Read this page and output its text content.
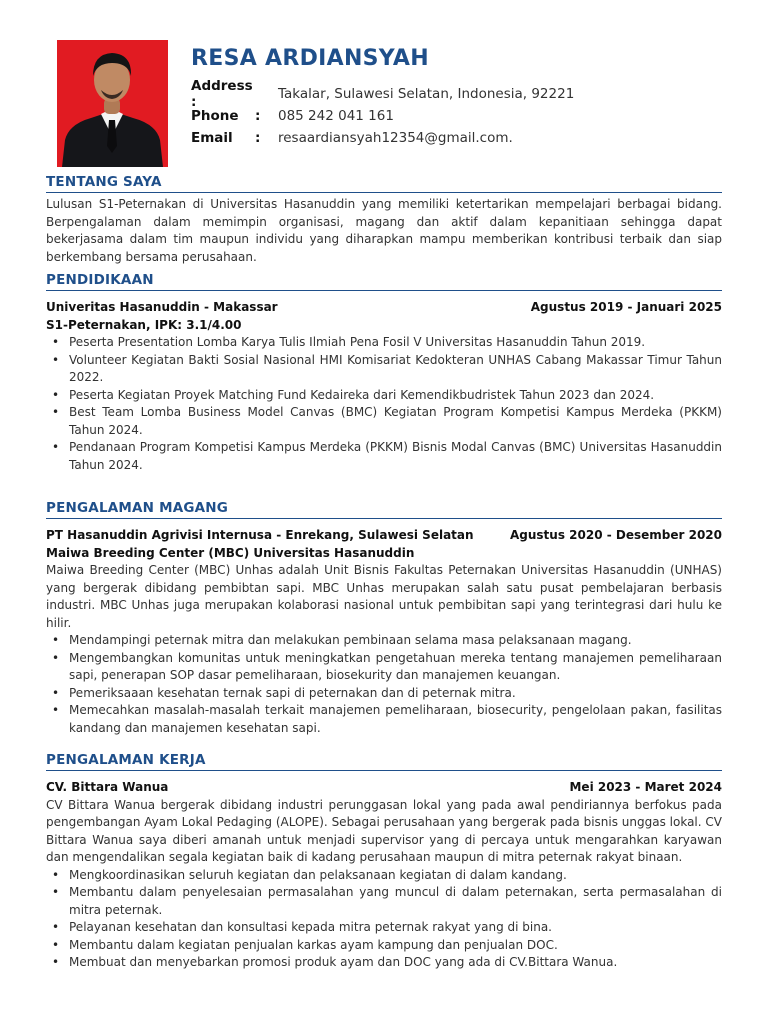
RESA ARDIANSYAH
Address :	Takalar, Sulawesi Selatan, Indonesia, 92221
Phone	:	085 242 041 161
Email	:	resaardiansyah12354@gmail.com.
TENTANG SAYA
Lulusan S1-Peternakan di Universitas Hasanuddin yang memiliki ketertarikan mempelajari berbagai bidang. Berpengalaman dalam memimpin organisasi, magang dan aktif dalam kepanitiaan sehingga dapat bekerjasama dalam tim maupun individu yang diharapkan mampu memberikan kontribusi terbaik dan siap berkembang bersama perusahaan.
PENDIDIKAAN
Univeritas Hasanuddin - Makassar	Agustus 2019 - Januari 2025
S1-Peternakan, IPK: 3.1/4.00
• Peserta Presentation Lomba Karya Tulis Ilmiah Pena Fosil V Universitas Hasanuddin Tahun 2019.
• Volunteer Kegiatan Bakti Sosial Nasional HMI Komisariat Kedokteran UNHAS Cabang Makassar Timur Tahun 2022.
• Peserta Kegiatan Proyek Matching Fund Kedaireka dari Kemendikbudristek Tahun 2023 dan 2024.
• Best Team Lomba Business Model Canvas (BMC) Kegiatan Program Kompetisi Kampus Merdeka (PKKM) Tahun 2024.
• Pendanaan Program Kompetisi Kampus Merdeka (PKKM) Bisnis Modal Canvas (BMC) Universitas Hasanuddin Tahun 2024.
PENGALAMAN MAGANG
PT Hasanuddin Agrivisi Internusa - Enrekang, Sulawesi Selatan	Agustus 2020 - Desember 2020
Maiwa Breeding Center (MBC) Universitas Hasanuddin
Maiwa Breeding Center (MBC) Unhas adalah Unit Bisnis Fakultas Peternakan Universitas Hasanuddin (UNHAS) yang bergerak dibidang pembibtan sapi. MBC Unhas merupakan salah satu pusat pembelajaran berbasis industri. MBC Unhas juga merupakan kolaborasi nasional untuk pembibitan sapi yang terintegrasi dari hulu ke hilir.
• Mendampingi peternak mitra dan melakukan pembinaan selama masa pelaksanaan magang.
• Mengembangkan komunitas untuk meningkatkan pengetahuan mereka tentang manajemen pemeliharaan sapi, penerapan SOP dasar pemeliharaan, biosekurity dan manajemen keuangan.
• Pemeriksaaan kesehatan ternak sapi di peternakan dan di peternak mitra.
• Memecahkan masalah-masalah terkait manajemen pemeliharaan, biosecurity, pengelolaan pakan, fasilitas kandang dan manajemen kesehatan sapi.
PENGALAMAN KERJA
CV. Bittara Wanua	Mei 2023 - Maret 2024
CV Bittara Wanua bergerak dibidang industri perunggasan lokal yang pada awal pendiriannya berfokus pada pengembangan Ayam Lokal Pedaging (ALOPE). Sebagai perusahaan yang bergerak pada bisnis unggas lokal. CV Bittara Wanua saya diberi amanah untuk menjadi supervisor yang di percaya untuk mengarahkan karyawan dan mengendalikan segala kegiatan baik di kadang perusahaan maupun di mitra peternak rakyat binaan.
• Mengkoordinasikan seluruh kegiatan dan pelaksanaan kegiatan di dalam kandang.
• Membantu dalam penyelesaian permasalahan yang muncul di dalam peternakan, serta permasalahan di mitra peternak.
• Pelayanan kesehatan dan konsultasi kepada mitra peternak rakyat yang di bina.
• Membantu dalam kegiatan penjualan karkas ayam kampung dan penjualan DOC.
• Membuat dan menyebarkan promosi produk ayam dan DOC yang ada di CV.Bittara Wanua.
